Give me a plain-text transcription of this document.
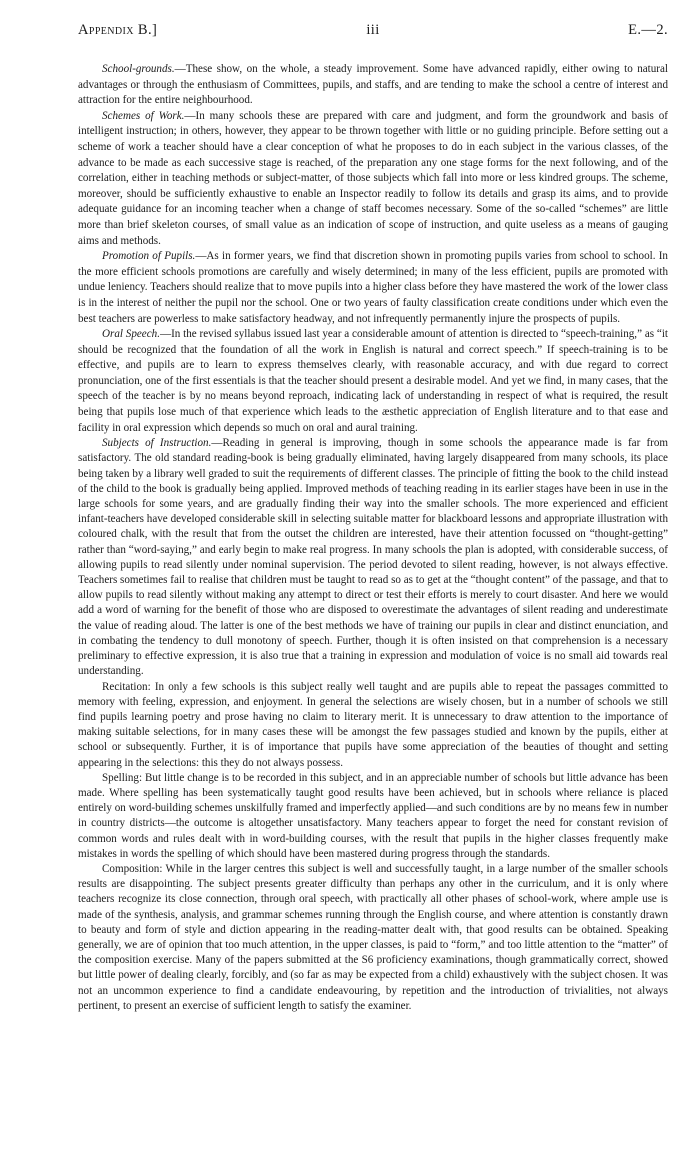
Appendix B.]	iii	E.—2.

School-grounds.—These show, on the whole, a steady improvement. Some have advanced rapidly, either owing to natural advantages or through the enthusiasm of Committees, pupils, and staffs, and are tending to make the school a centre of interest and attraction for the entire neighbourhood.

Schemes of Work.—In many schools these are prepared with care and judgment, and form the groundwork and basis of intelligent instruction; in others, however, they appear to be thrown together with little or no guiding principle. Before setting out a scheme of work a teacher should have a clear conception of what he proposes to do in each subject in the various classes, of the advance to be made as each successive stage is reached, of the preparation any one stage forms for the next following, and of the correlation, either in teaching methods or subject-matter, of those subjects which fall into more or less kindred groups. The scheme, moreover, should be sufficiently exhaustive to enable an Inspector readily to follow its details and grasp its aims, and to provide adequate guidance for an incoming teacher when a change of staff becomes necessary. Some of the so-called “schemes” are little more than brief skeleton courses, of small value as an indication of scope of instruction, and quite useless as a means of gauging aims and methods.

Promotion of Pupils.—As in former years, we find that discretion shown in promoting pupils varies from school to school. In the more efficient schools promotions are carefully and wisely determined; in many of the less efficient, pupils are promoted with undue leniency. Teachers should realize that to move pupils into a higher class before they have mastered the work of the lower class is in the interest of neither the pupil nor the school. One or two years of faulty classification create conditions under which even the best teachers are powerless to make satisfactory headway, and not infrequently permanently injure the prospects of pupils.

Oral Speech.—In the revised syllabus issued last year a considerable amount of attention is directed to “speech-training,” as “it should be recognized that the foundation of all the work in English is natural and correct speech.” If speech-training is to be effective, and pupils are to learn to express themselves clearly, with reasonable accuracy, and with due regard to correct pronunciation, one of the first essentials is that the teacher should present a desirable model. And yet we find, in many cases, that the speech of the teacher is by no means beyond reproach, indicating lack of understanding in respect of what is required, the result being that pupils lose much of that experience which leads to the æsthetic appreciation of English literature and to that ease and facility in oral expression which depends so much on oral and aural training.

Subjects of Instruction.—Reading in general is improving, though in some schools the appearance made is far from satisfactory. The old standard reading-book is being gradually eliminated, having largely disappeared from many schools, its place being taken by a library well graded to suit the requirements of different classes. The principle of fitting the book to the child instead of the child to the book is gradually being applied. Improved methods of teaching reading in its earlier stages have been in use in the large schools for some years, and are gradually finding their way into the smaller schools. The more experienced and efficient infant-teachers have developed considerable skill in selecting suitable matter for blackboard lessons and appropriate illustration with coloured chalk, with the result that from the outset the children are interested, have their attention focussed on “thought-getting” rather than “word-saying,” and early begin to make real progress. In many schools the plan is adopted, with considerable success, of allowing pupils to read silently under nominal supervision. The period devoted to silent reading, however, is not always effective. Teachers sometimes fail to realise that children must be taught to read so as to get at the “thought content” of the passage, and that to allow pupils to read silently without making any attempt to direct or test their efforts is merely to court disaster. And here we would add a word of warning for the benefit of those who are disposed to overestimate the advantages of silent reading and underestimate the value of reading aloud. The latter is one of the best methods we have of training our pupils in clear and distinct enunciation, and in combating the tendency to dull monotony of speech. Further, though it is often insisted on that comprehension is a necessary preliminary to effective expression, it is also true that a training in expression and modulation of voice is no small aid towards real understanding.

Recitation: In only a few schools is this subject really well taught and are pupils able to repeat the passages committed to memory with feeling, expression, and enjoyment. In general the selections are wisely chosen, but in a number of schools we still find pupils learning poetry and prose having no claim to literary merit. It is unnecessary to draw attention to the importance of making suitable selections, for in many cases these will be amongst the few passages studied and known by the pupils, either at school or subsequently. Further, it is of importance that pupils have some appreciation of the beauties of thought and setting appearing in the selections: this they do not always possess.

Spelling: But little change is to be recorded in this subject, and in an appreciable number of schools but little advance has been made. Where spelling has been systematically taught good results have been achieved, but in schools where reliance is placed entirely on word-building schemes unskilfully framed and imperfectly applied—and such conditions are by no means few in number in country districts—the outcome is altogether unsatisfactory. Many teachers appear to forget the need for constant revision of common words and rules dealt with in word-building courses, with the result that pupils in the higher classes frequently make mistakes in words the spelling of which should have been mastered during progress through the standards.

Composition: While in the larger centres this subject is well and successfully taught, in a large number of the smaller schools results are disappointing. The subject presents greater difficulty than perhaps any other in the curriculum, and it is only where teachers recognize its close connection, through oral speech, with practically all other phases of school-work, where ample use is made of the synthesis, analysis, and grammar schemes running through the English course, and where attention is constantly drawn to beauty and form of style and diction appearing in the reading-matter dealt with, that good results can be obtained. Speaking generally, we are of opinion that too much attention, in the upper classes, is paid to “form,” and too little attention to the “matter” of the composition exercise. Many of the papers submitted at the S6 proficiency examinations, though grammatically correct, showed but little power of dealing clearly, forcibly, and (so far as may be expected from a child) exhaustively with the subject chosen. It was not an uncommon experience to find a candidate endeavouring, by repetition and the introduction of trivialities, not always pertinent, to present an exercise of sufficient length to satisfy the examiner.
